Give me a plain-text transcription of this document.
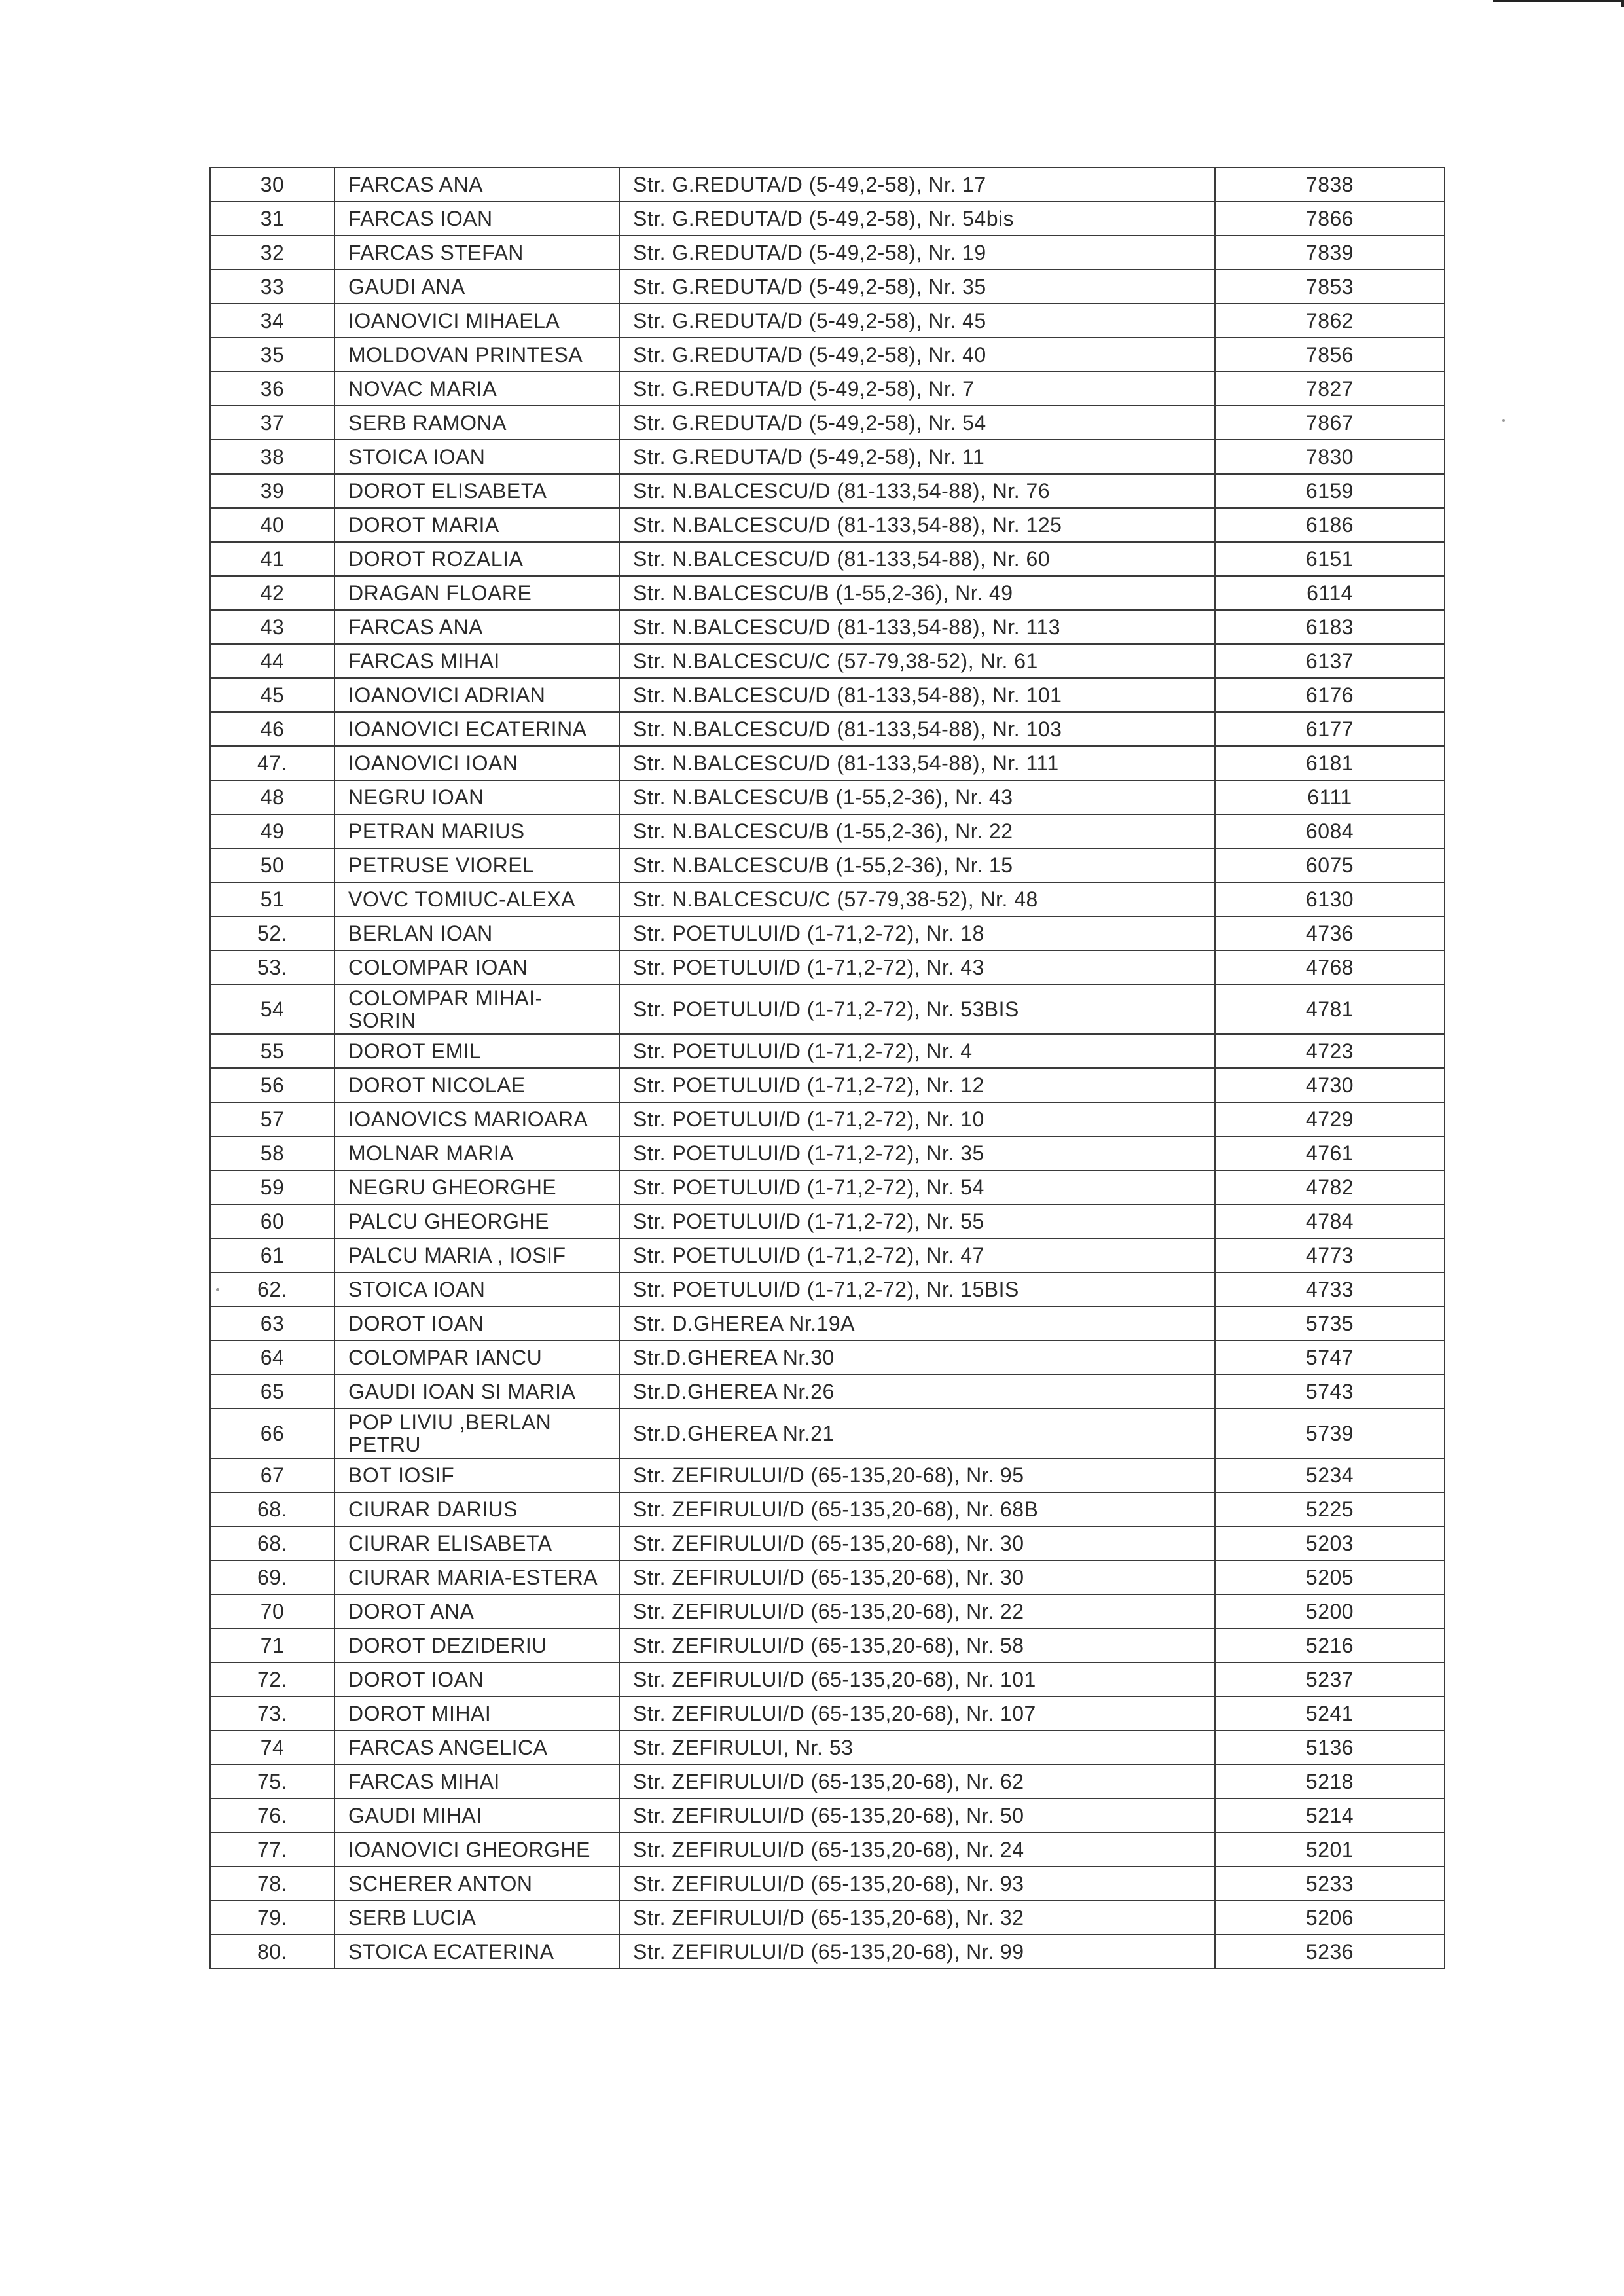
30	FARCAS ANA	Str. G.REDUTA/D (5-49,2-58), Nr. 17	7838
31	FARCAS IOAN	Str. G.REDUTA/D (5-49,2-58), Nr. 54bis	7866
32	FARCAS STEFAN	Str. G.REDUTA/D (5-49,2-58), Nr. 19	7839
33	GAUDI ANA	Str. G.REDUTA/D (5-49,2-58), Nr. 35	7853
34	IOANOVICI MIHAELA	Str. G.REDUTA/D (5-49,2-58), Nr. 45	7862
35	MOLDOVAN PRINTESA	Str. G.REDUTA/D (5-49,2-58), Nr. 40	7856
36	NOVAC MARIA	Str. G.REDUTA/D (5-49,2-58), Nr. 7	7827
37	SERB RAMONA	Str. G.REDUTA/D (5-49,2-58), Nr. 54	7867
38	STOICA IOAN	Str. G.REDUTA/D (5-49,2-58), Nr. 11	7830
39	DOROT ELISABETA	Str. N.BALCESCU/D (81-133,54-88), Nr. 76	6159
40	DOROT MARIA	Str. N.BALCESCU/D (81-133,54-88), Nr. 125	6186
41	DOROT ROZALIA	Str. N.BALCESCU/D (81-133,54-88), Nr. 60	6151
42	DRAGAN FLOARE	Str. N.BALCESCU/B (1-55,2-36), Nr. 49	6114
43	FARCAS ANA	Str. N.BALCESCU/D (81-133,54-88), Nr. 113	6183
44	FARCAS MIHAI	Str. N.BALCESCU/C (57-79,38-52), Nr. 61	6137
45	IOANOVICI ADRIAN	Str. N.BALCESCU/D (81-133,54-88), Nr. 101	6176
46	IOANOVICI ECATERINA	Str. N.BALCESCU/D (81-133,54-88), Nr. 103	6177
47.	IOANOVICI IOAN	Str. N.BALCESCU/D (81-133,54-88), Nr. 111	6181
48	NEGRU IOAN	Str. N.BALCESCU/B (1-55,2-36), Nr. 43	6111
49	PETRAN MARIUS	Str. N.BALCESCU/B (1-55,2-36), Nr. 22	6084
50	PETRUSE VIOREL	Str. N.BALCESCU/B (1-55,2-36), Nr. 15	6075
51	VOVC TOMIUC-ALEXA	Str. N.BALCESCU/C (57-79,38-52), Nr. 48	6130
52.	BERLAN IOAN	Str. POETULUI/D (1-71,2-72), Nr. 18	4736
53.	COLOMPAR IOAN	Str. POETULUI/D (1-71,2-72), Nr. 43	4768
54	COLOMPAR MIHAI-SORIN	Str. POETULUI/D (1-71,2-72), Nr. 53BIS	4781
55	DOROT EMIL	Str. POETULUI/D (1-71,2-72), Nr. 4	4723
56	DOROT NICOLAE	Str. POETULUI/D (1-71,2-72), Nr. 12	4730
57	IOANOVICS MARIOARA	Str. POETULUI/D (1-71,2-72), Nr. 10	4729
58	MOLNAR MARIA	Str. POETULUI/D (1-71,2-72), Nr. 35	4761
59	NEGRU GHEORGHE	Str. POETULUI/D (1-71,2-72), Nr. 54	4782
60	PALCU GHEORGHE	Str. POETULUI/D (1-71,2-72), Nr. 55	4784
61	PALCU MARIA , IOSIF	Str. POETULUI/D (1-71,2-72), Nr. 47	4773
62.	STOICA IOAN	Str. POETULUI/D (1-71,2-72), Nr. 15BIS	4733
63	DOROT IOAN	Str. D.GHEREA Nr.19A	5735
64	COLOMPAR IANCU	Str.D.GHEREA Nr.30	5747
65	GAUDI IOAN SI MARIA	Str.D.GHEREA Nr.26	5743
66	POP LIVIU ,BERLAN PETRU	Str.D.GHEREA Nr.21	5739
67	BOT IOSIF	Str. ZEFIRULUI/D (65-135,20-68), Nr. 95	5234
68.	CIURAR DARIUS	Str. ZEFIRULUI/D (65-135,20-68), Nr. 68B	5225
68.	CIURAR ELISABETA	Str. ZEFIRULUI/D (65-135,20-68), Nr. 30	5203
69.	CIURAR MARIA-ESTERA	Str. ZEFIRULUI/D (65-135,20-68), Nr. 30	5205
70	DOROT ANA	Str. ZEFIRULUI/D (65-135,20-68), Nr. 22	5200
71	DOROT DEZIDERIU	Str. ZEFIRULUI/D (65-135,20-68), Nr. 58	5216
72.	DOROT IOAN	Str. ZEFIRULUI/D (65-135,20-68), Nr. 101	5237
73.	DOROT MIHAI	Str. ZEFIRULUI/D (65-135,20-68), Nr. 107	5241
74	FARCAS ANGELICA	Str. ZEFIRULUI, Nr. 53	5136
75.	FARCAS MIHAI	Str. ZEFIRULUI/D (65-135,20-68), Nr. 62	5218
76.	GAUDI MIHAI	Str. ZEFIRULUI/D (65-135,20-68), Nr. 50	5214
77.	IOANOVICI GHEORGHE	Str. ZEFIRULUI/D (65-135,20-68), Nr. 24	5201
78.	SCHERER ANTON	Str. ZEFIRULUI/D (65-135,20-68), Nr. 93	5233
79.	SERB LUCIA	Str. ZEFIRULUI/D (65-135,20-68), Nr. 32	5206
80.	STOICA ECATERINA	Str. ZEFIRULUI/D (65-135,20-68), Nr. 99	5236
